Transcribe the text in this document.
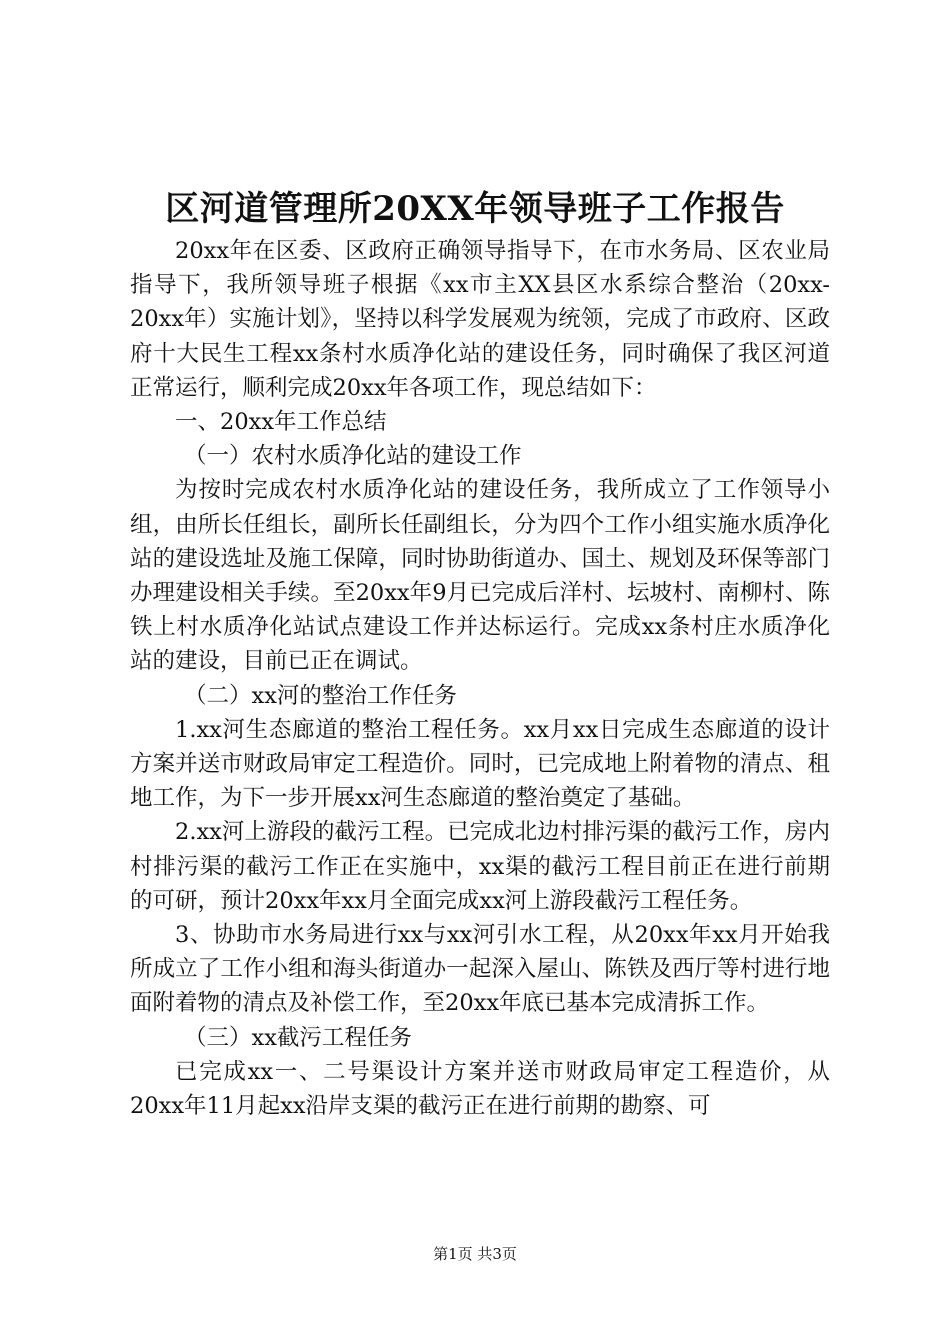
区河道管理所20XX年领导班子工作报告

20xx年在区委、区政府正确领导指导下，在市水务局、区农业局指导下，我所领导班子根据《xx市主XX县区水系综合整治（20xx-20xx年）实施计划》，坚持以科学发展观为统领，完成了市政府、区政府十大民生工程xx条村水质净化站的建设任务，同时确保了我区河道正常运行，顺利完成20xx年各项工作，现总结如下：

一、20xx年工作总结

（一）农村水质净化站的建设工作

为按时完成农村水质净化站的建设任务，我所成立了工作领导小组，由所长任组长，副所长任副组长，分为四个工作小组实施水质净化站的建设选址及施工保障，同时协助街道办、国土、规划及环保等部门办理建设相关手续。至20xx年9月已完成后洋村、坛坡村、南柳村、陈铁上村水质净化站试点建设工作并达标运行。完成xx条村庄水质净化站的建设，目前已正在调试。

（二）xx河的整治工作任务

1.xx河生态廊道的整治工程任务。xx月xx日完成生态廊道的设计方案并送市财政局审定工程造价。同时，已完成地上附着物的清点、租地工作，为下一步开展xx河生态廊道的整治奠定了基础。

2.xx河上游段的截污工程。已完成北边村排污渠的截污工作，房内村排污渠的截污工作正在实施中，xx渠的截污工程目前正在进行前期的可研，预计20xx年xx月全面完成xx河上游段截污工程任务。

3、协助市水务局进行xx与xx河引水工程，从20xx年xx月开始我所成立了工作小组和海头街道办一起深入屋山、陈铁及西厅等村进行地面附着物的清点及补偿工作，至20xx年底已基本完成清拆工作。

（三）xx截污工程任务

已完成xx一、二号渠设计方案并送市财政局审定工程造价，从20xx年11月起xx沿岸支渠的截污正在进行前期的勘察、可

第1页 共3页
